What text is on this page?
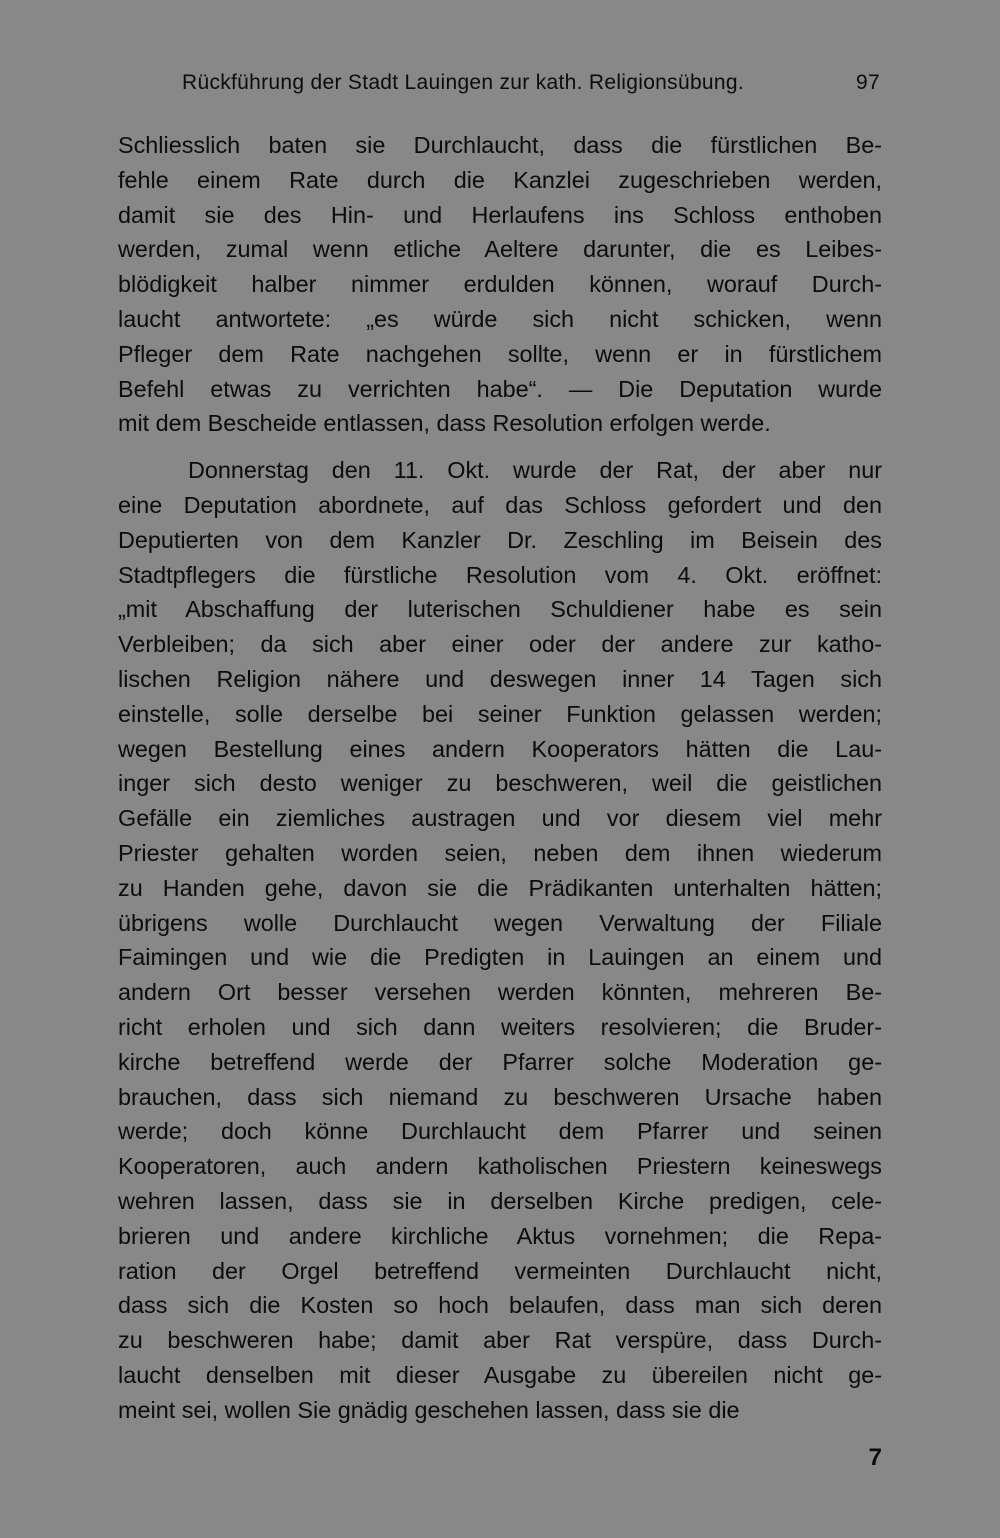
Rückführung der Stadt Lauingen zur kath. Religionsübung.	97
Schliesslich baten sie Durchlaucht, dass die fürstlichen Be-
fehle einem Rate durch die Kanzlei zugeschrieben werden,
damit sie des Hin- und Herlaufens ins Schloss enthoben
werden, zumal wenn etliche Aeltere darunter, die es Leibes-
blödigkeit halber nimmer erdulden können, worauf Durch-
laucht antwortete: „es würde sich nicht schicken, wenn
Pfleger dem Rate nachgehen sollte, wenn er in fürstlichem
Befehl etwas zu verrichten habe“. — Die Deputation wurde
mit dem Bescheide entlassen, dass Resolution erfolgen werde.
Donnerstag den 11. Okt. wurde der Rat, der aber nur
eine Deputation abordnete, auf das Schloss gefordert und den
Deputierten von dem Kanzler Dr. Zeschling im Beisein des
Stadtpflegers die fürstliche Resolution vom 4. Okt. eröffnet:
„mit Abschaffung der luterischen Schuldiener habe es sein
Verbleiben; da sich aber einer oder der andere zur katho-
lischen Religion nähere und deswegen inner 14 Tagen sich
einstelle, solle derselbe bei seiner Funktion gelassen werden;
wegen Bestellung eines andern Kooperators hätten die Lau-
inger sich desto weniger zu beschweren, weil die geistlichen
Gefälle ein ziemliches austragen und vor diesem viel mehr
Priester gehalten worden seien, neben dem ihnen wiederum
zu Handen gehe, davon sie die Prädikanten unterhalten hätten;
übrigens wolle Durchlaucht wegen Verwaltung der Filiale
Faimingen und wie die Predigten in Lauingen an einem und
andern Ort besser versehen werden könnten, mehreren Be-
richt erholen und sich dann weiters resolvieren; die Bruder-
kirche betreffend werde der Pfarrer solche Moderation ge-
brauchen, dass sich niemand zu beschweren Ursache haben
werde; doch könne Durchlaucht dem Pfarrer und seinen
Kooperatoren, auch andern katholischen Priestern keineswegs
wehren lassen, dass sie in derselben Kirche predigen, cele-
brieren und andere kirchliche Aktus vornehmen; die Repa-
ration der Orgel betreffend vermeinten Durchlaucht nicht,
dass sich die Kosten so hoch belaufen, dass man sich deren
zu beschweren habe; damit aber Rat verspüre, dass Durch-
laucht denselben mit dieser Ausgabe zu übereilen nicht ge-
meint sei, wollen Sie gnädig geschehen lassen, dass sie die
7
